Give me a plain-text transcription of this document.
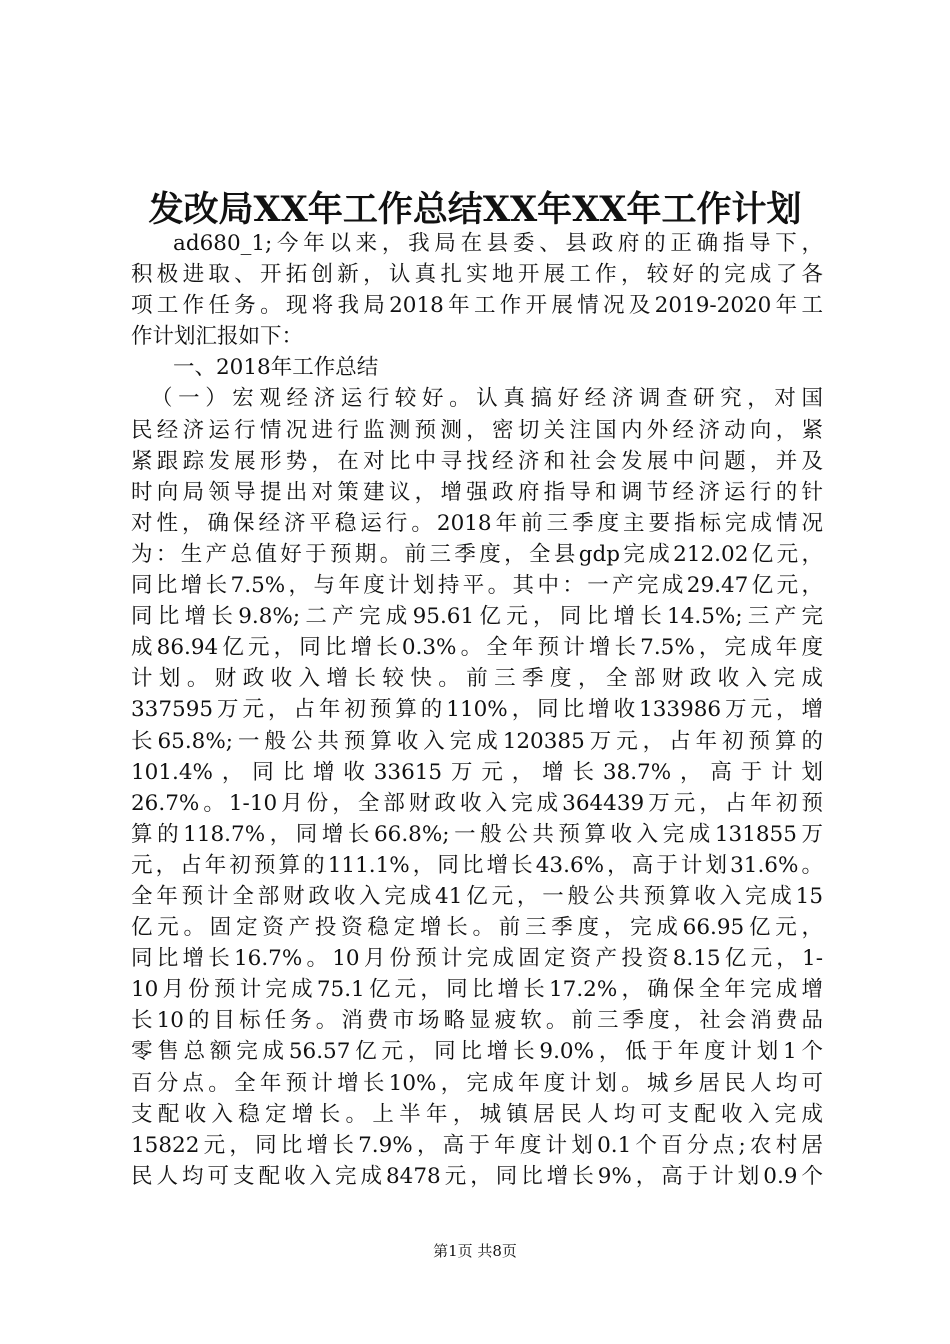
发改局XX年工作总结XX年XX年工作计划
ad680_1;今年以来，我局在县委、县政府的正确指导下，
积极进取、开拓创新，认真扎实地开展工作，较好的完成了各
项工作任务。现将我局2018年工作开展情况及2019-2020年工
作计划汇报如下：
一、2018年工作总结
（一）宏观经济运行较好。认真搞好经济调查研究，对国
民经济运行情况进行监测预测，密切关注国内外经济动向，紧
紧跟踪发展形势，在对比中寻找经济和社会发展中问题，并及
时向局领导提出对策建议，增强政府指导和调节经济运行的针
对性，确保经济平稳运行。2018年前三季度主要指标完成情况
为：生产总值好于预期。前三季度，全县gdp完成212.02亿元，
同比增长7.5%，与年度计划持平。其中：一产完成29.47亿元，
同比增长9.8%;二产完成95.61亿元，同比增长14.5%;三产完
成86.94亿元，同比增长0.3%。全年预计增长7.5%，完成年度
计划。财政收入增长较快。前三季度，全部财政收入完成
337595万元，占年初预算的110%，同比增收133986万元，增
长65.8%;一般公共预算收入完成120385万元，占年初预算的
101.4%，同比增收33615万元，增长38.7%，高于计划
26.7%。1-10月份，全部财政收入完成364439万元，占年初预
算的118.7%，同增长66.8%;一般公共预算收入完成131855万
元，占年初预算的111.1%，同比增长43.6%，高于计划31.6%。
全年预计全部财政收入完成41亿元，一般公共预算收入完成15
亿元。固定资产投资稳定增长。前三季度，完成66.95亿元，
同比增长16.7%。10月份预计完成固定资产投资8.15亿元，1-
10月份预计完成75.1亿元，同比增长17.2%，确保全年完成增
长10的目标任务。消费市场略显疲软。前三季度，社会消费品
零售总额完成56.57亿元，同比增长9.0%，低于年度计划1个
百分点。全年预计增长10%，完成年度计划。城乡居民人均可
支配收入稳定增长。上半年，城镇居民人均可支配收入完成
15822元，同比增长7.9%，高于年度计划0.1个百分点;农村居
民人均可支配收入完成8478元，同比增长9%，高于计划0.9个
第1页 共8页
